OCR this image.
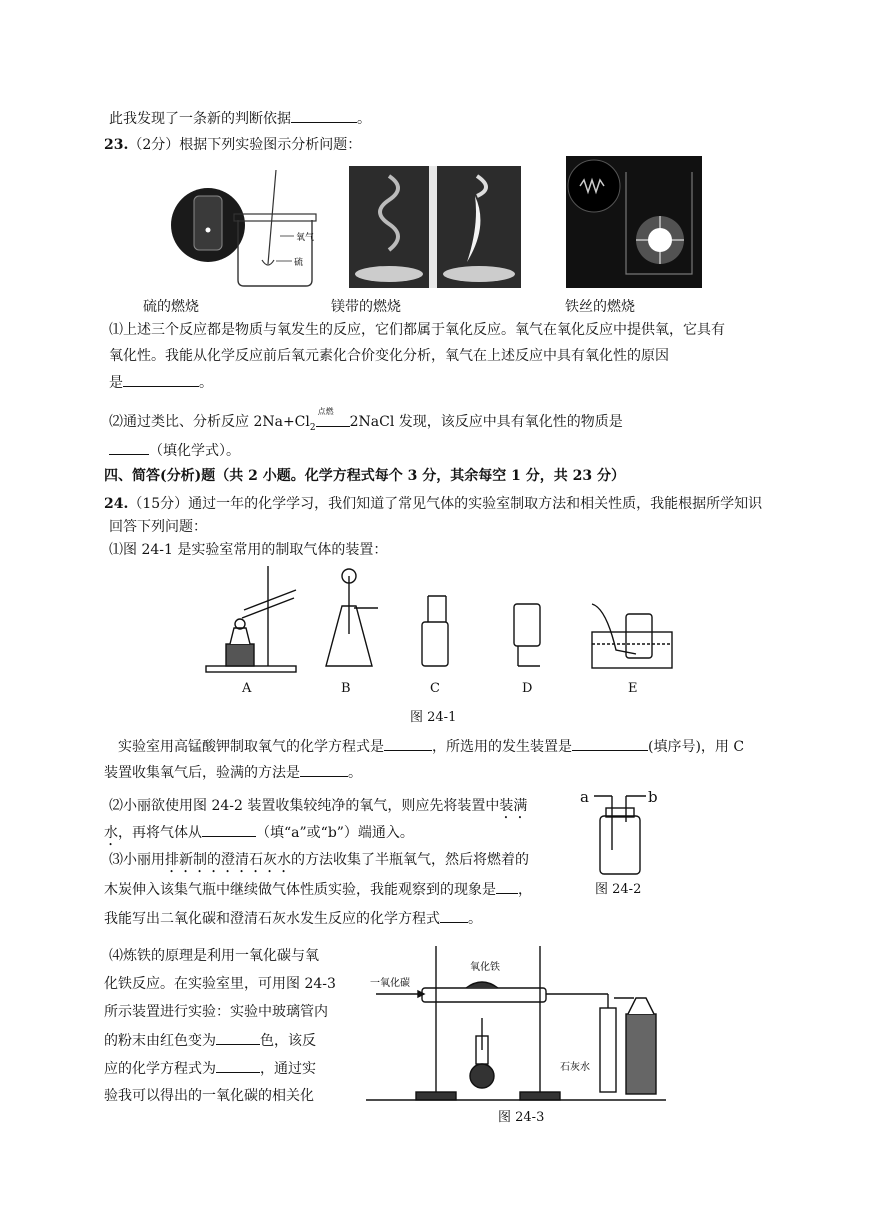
此我发现了一条新的判断依据	。
23.（2分）根据下列实验图示分析问题：
氧气
硫
硫的燃烧	镁带的燃烧	铁丝的燃烧
⑴上述三个反应都是物质与氧发生的反应，它们都属于氧化反应。氧气在氧化反应中提供氧，它具有
氧化性。我能从化学反应前后氧元素化合价变化分析，氧气在上述反应中具有氧化性的原因
是	。
⑵通过类比、分析反应 $2Na+Cl_2$
点燃
2NaCl 发现，该反应中具有氧化性的物质是
（填化学式）。
四、简答(分析)题（共 2 小题。化学方程式每个 3 分，其余每空 1 分，共 23 分）
24.（15分）通过一年的化学学习，我们知道了常见气体的实验室制取方法和相关性质，我能根据所学知识
回答下列问题：
⑴图 24-1 是实验室常用的制取气体的装置：
A	B	C	D	E
图 24-1
实验室用高锰酸钾制取氧气的化学方程式是	，所选用的发生装置是	(填序号)，用 C
装置收集氧气后，验满的方法是	。
⑵小丽欲使用图 24-2 装置收集较纯净的氧气，则应先将装置中装满
水，再将气体从	（填“a”或“b”）端通入。
a	b
图 24-2
⑶小丽用排新制的澄清石灰水的方法收集了半瓶氧气，然后将燃着的
木炭伸入该集气瓶中继续做气体性质实验，我能观察到的现象是 ，
我能写出二氧化碳和澄清石灰水发生反应的化学方程式 。
⑷炼铁的原理是利用一氧化碳与氧
化铁反应。在实验室里，可用图 24-3
所示装置进行实验：实验中玻璃管内
的粉末由红色变为	色，该反
应的化学方程式为	，通过实
验我可以得出的一氧化碳的相关化
一氧化碳
氧化铁
石灰水
图 24-3
